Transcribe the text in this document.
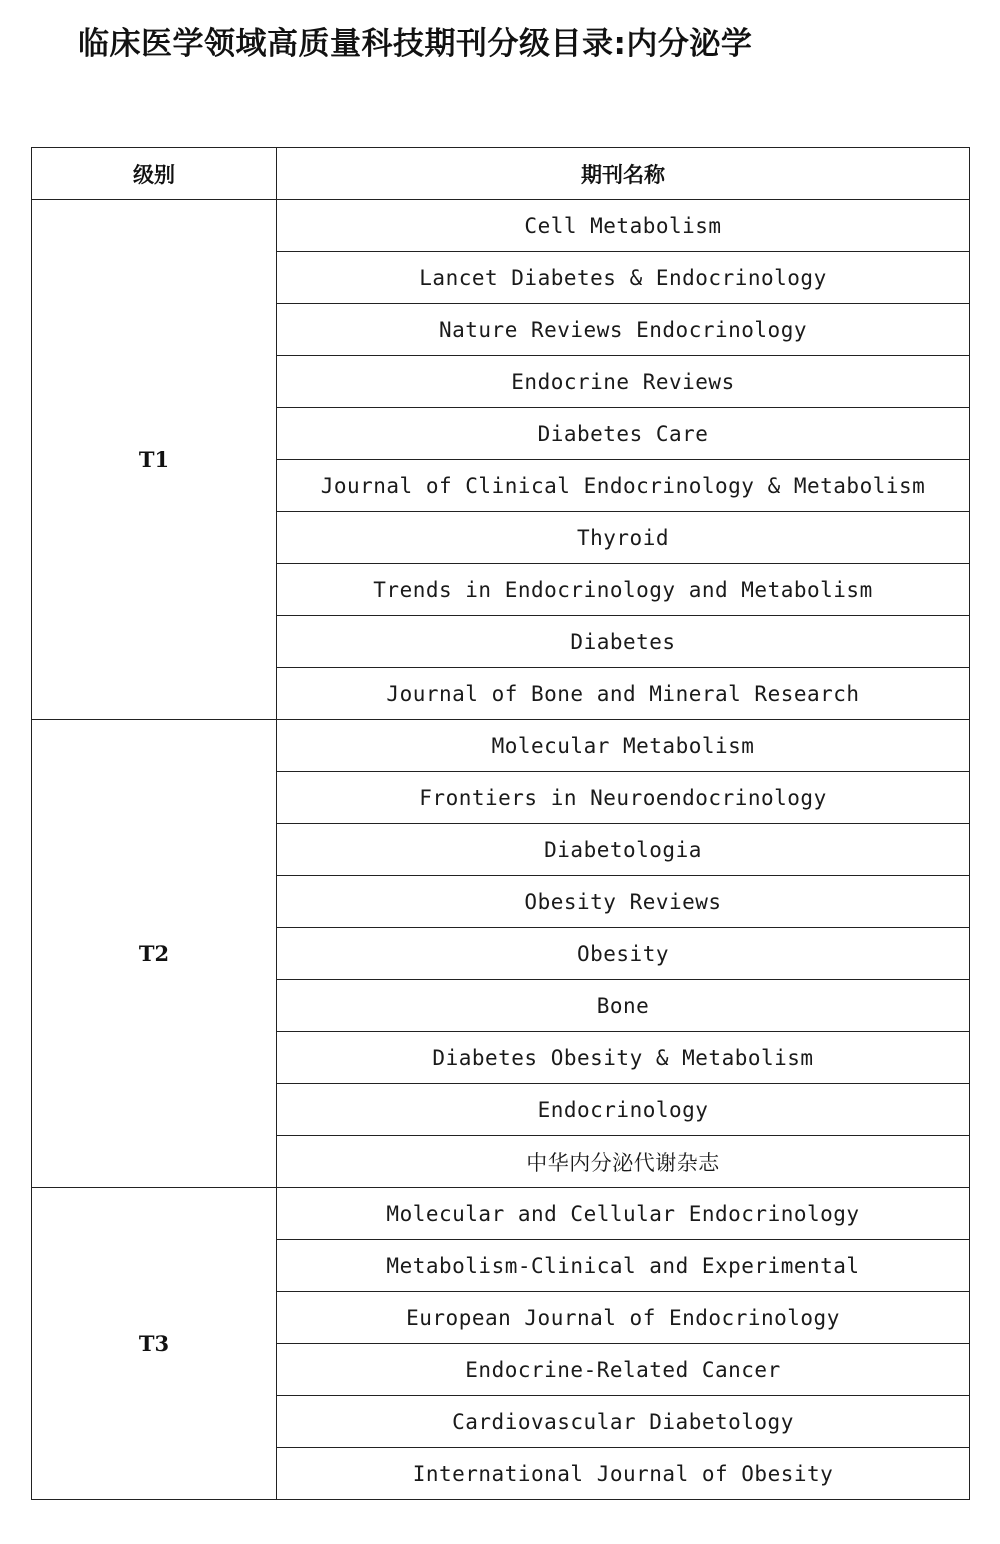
临床医学领域高质量科技期刊分级目录:内分泌学
级别	期刊名称
T1	Cell Metabolism
	Lancet Diabetes & Endocrinology
	Nature Reviews Endocrinology
	Endocrine Reviews
	Diabetes Care
	Journal of Clinical Endocrinology & Metabolism
	Thyroid
	Trends in Endocrinology and Metabolism
	Diabetes
	Journal of Bone and Mineral Research
T2	Molecular Metabolism
	Frontiers in Neuroendocrinology
	Diabetologia
	Obesity Reviews
	Obesity
	Bone
	Diabetes Obesity & Metabolism
	Endocrinology
	中华内分泌代谢杂志
T3	Molecular and Cellular Endocrinology
	Metabolism-Clinical and Experimental
	European Journal of Endocrinology
	Endocrine-Related Cancer
	Cardiovascular Diabetology
	International Journal of Obesity
